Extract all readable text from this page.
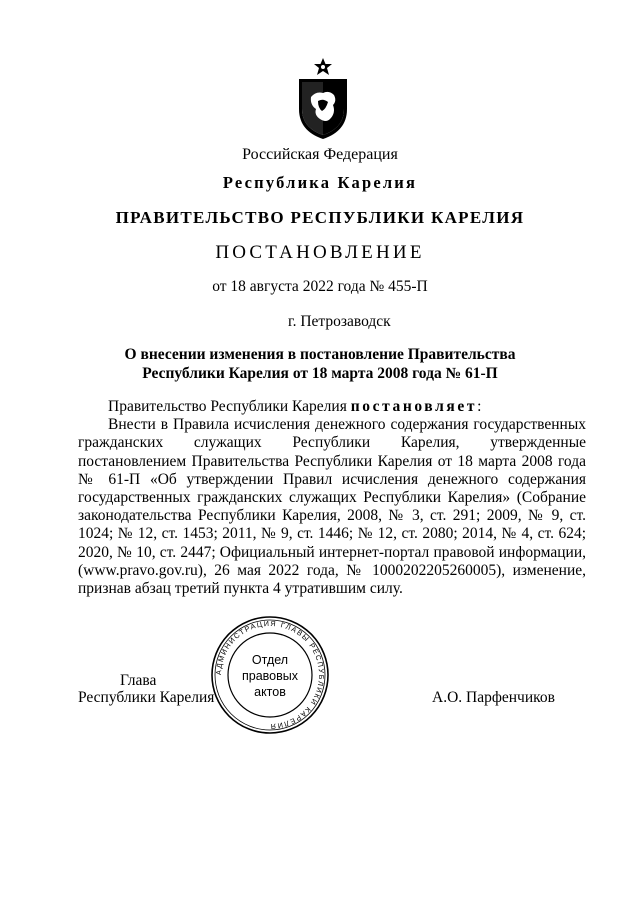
Российская Федерация
Республика Карелия
ПРАВИТЕЛЬСТВО РЕСПУБЛИКИ КАРЕЛИЯ
ПОСТАНОВЛЕНИЕ
от 18 августа 2022 года № 455-П
г. Петрозаводск
О внесении изменения в постановление Правительства
Республики Карелия от 18 марта 2008 года № 61-П

Правительство Республики Карелия постановляет:

Внести в Правила исчисления денежного содержания государственных гражданских служащих Республики Карелия, утвержденные постановлением Правительства Республики Карелия от 18 марта 2008 года № 61-П «Об утверждении Правил исчисления денежного содержания государственных гражданских служащих Республики Карелия» (Собрание законодательства Республики Карелия, 2008, № 3, ст. 291; 2009, № 9, ст. 1024; № 12, ст. 1453; 2011, № 9, ст. 1446; № 12, ст. 2080; 2014, № 4, ст. 624; 2020, № 10, ст. 2447; Официальный интернет-портал правовой информации, (www.pravo.gov.ru), 26 мая 2022 года, № 1000202205260005), изменение, признав абзац третий пункта 4 утратившим силу.

Глава
Республики Карелия	А.О. Парфенчиков
АДМИНИСТРАЦИЯ ГЛАВЫ РЕСПУБЛИКИ КАРЕЛИЯ
Отдел
правовых
актов
